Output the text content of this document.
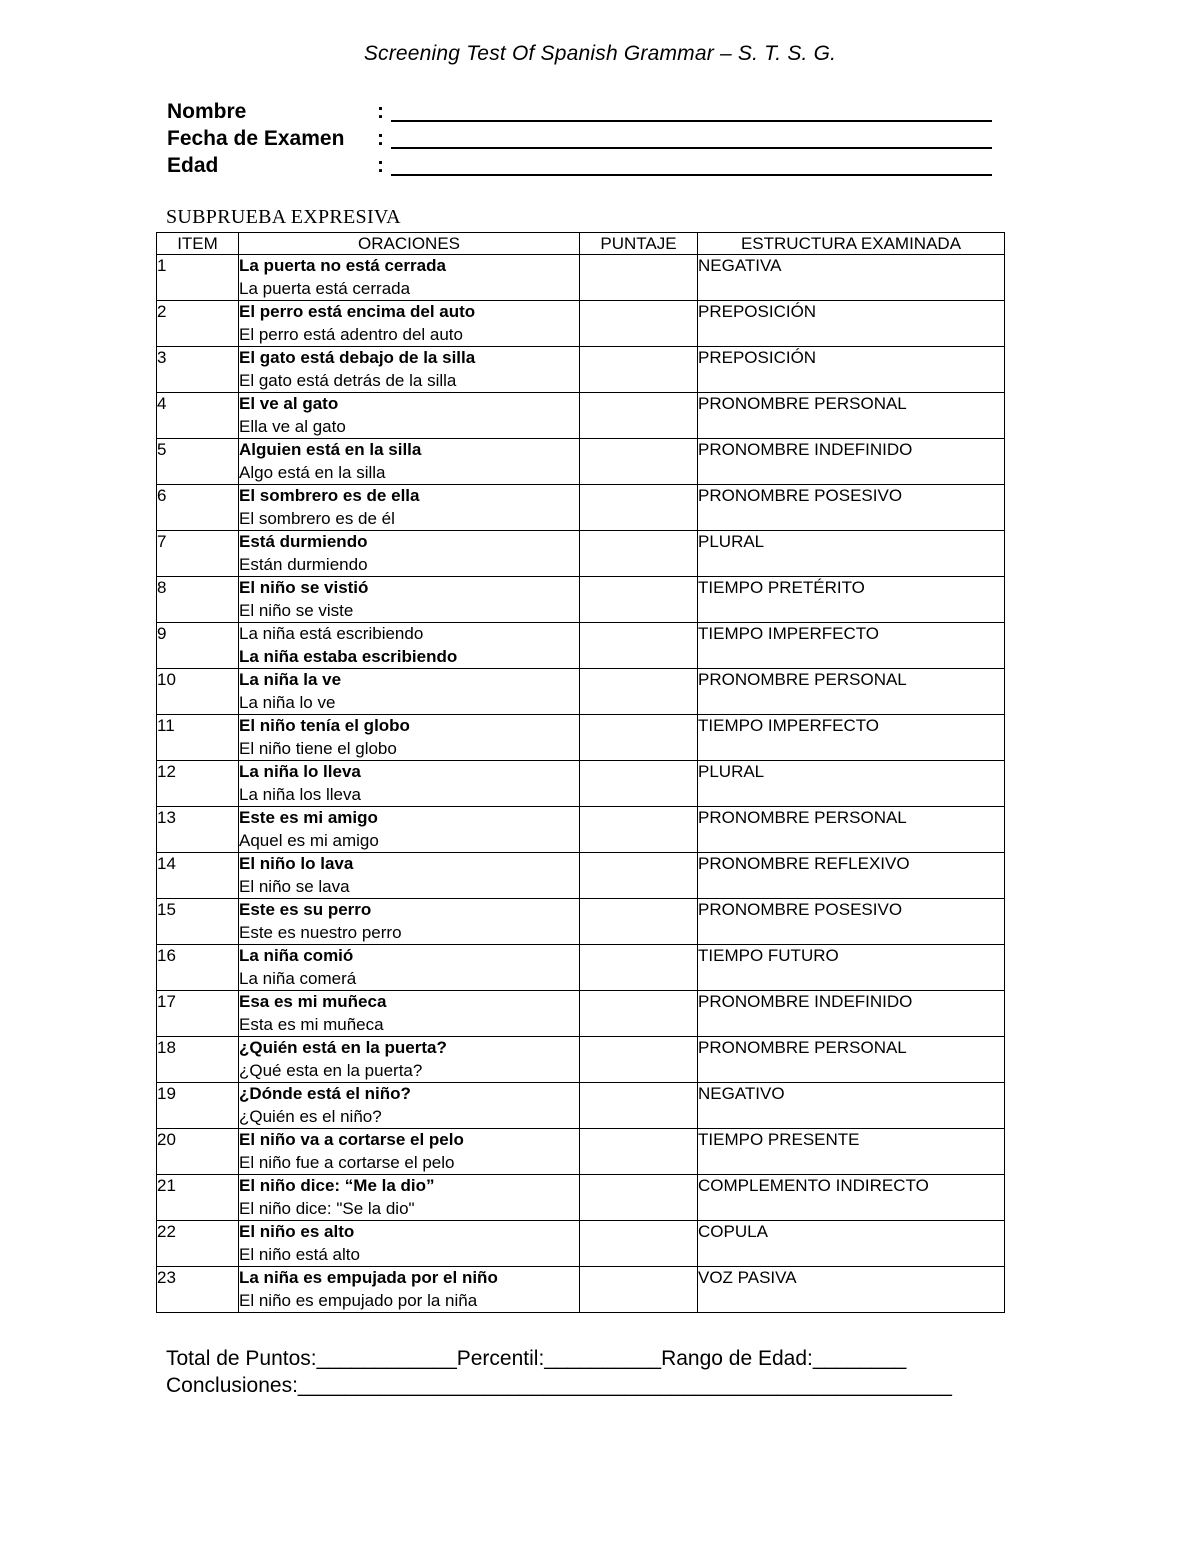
Screening Test Of Spanish Grammar – S. T. S. G.
Nombre	:
Fecha de Examen	:
Edad	:
SUBPRUEBA EXPRESIVA
ITEM	ORACIONES	PUNTAJE	ESTRUCTURA EXAMINADA
1	La puerta no está cerrada
La puerta está cerrada		NEGATIVA
2	El perro está encima del auto
El perro está adentro del auto		PREPOSICIÓN
3	El gato está debajo de la silla
El gato está detrás de la silla		PREPOSICIÓN
4	El ve al gato
Ella ve al gato		PRONOMBRE PERSONAL
5	Alguien está en la silla
Algo está en la silla		PRONOMBRE INDEFINIDO
6	El sombrero es de ella
El sombrero es de él		PRONOMBRE POSESIVO
7	Está durmiendo
Están durmiendo		PLURAL
8	El niño se vistió
El niño se viste		TIEMPO PRETÉRITO
9	La niña está escribiendo
La niña estaba escribiendo		TIEMPO IMPERFECTO
10	La niña la ve
La niña lo ve		PRONOMBRE PERSONAL
11	El niño tenía el globo
El niño tiene el globo		TIEMPO IMPERFECTO
12	La niña lo lleva
La niña los lleva		PLURAL
13	Este es mi amigo
Aquel es mi amigo		PRONOMBRE PERSONAL
14	El niño lo lava
El niño se lava		PRONOMBRE REFLEXIVO
15	Este es su perro
Este es nuestro perro		PRONOMBRE POSESIVO
16	La niña comió
La niña comerá		TIEMPO FUTURO
17	Esa es mi muñeca
Esta es mi muñeca		PRONOMBRE INDEFINIDO
18	¿Quién está en la puerta?
¿Qué esta en la puerta?		PRONOMBRE PERSONAL
19	¿Dónde está el niño?
¿Quién es el niño?		NEGATIVO
20	El niño va a cortarse el pelo
El niño fue a cortarse el pelo		TIEMPO PRESENTE
21	El niño dice: “Me la dio”
El niño dice: "Se la dio"		COMPLEMENTO INDIRECTO
22	El niño es alto
El niño está alto		COPULA
23	La niña es empujada por el niño
El niño es empujado por la niña		VOZ PASIVA
Total de Puntos:____________Percentil:__________Rango de Edad:________
Conclusiones:________________________________________________________
